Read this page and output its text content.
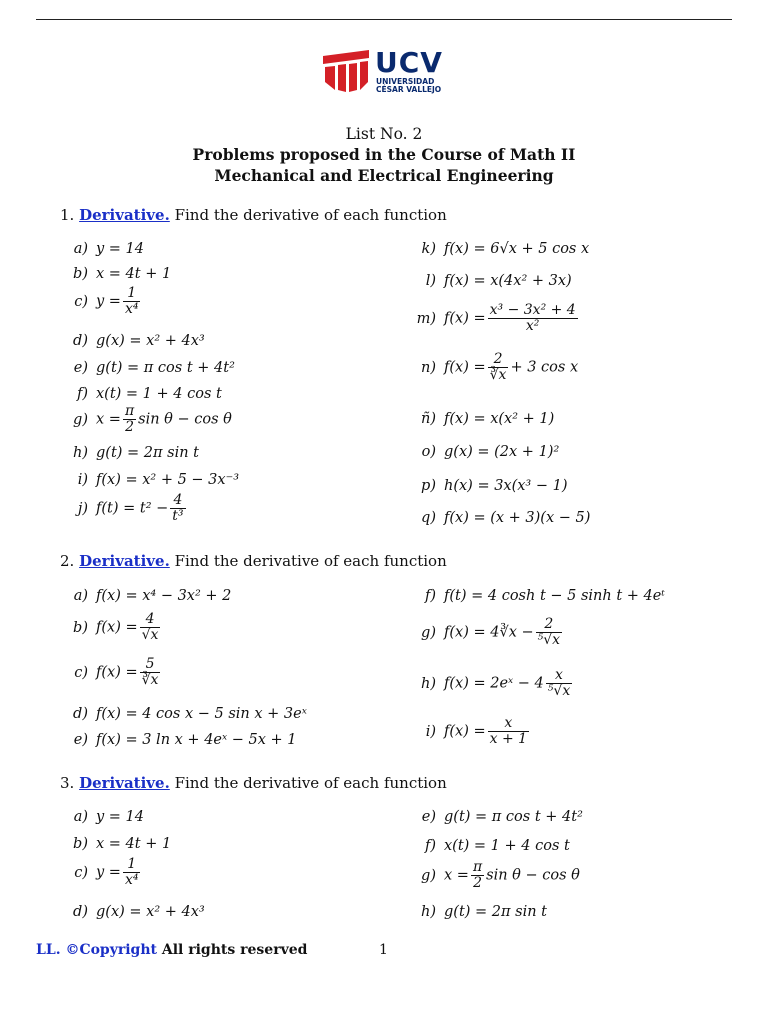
UCV
UNIVERSIDAD
CÉSAR VALLEJO
List No. 2
Problems proposed in the Course of Math II
Mechanical and Electrical Engineering
1. Derivative. Find the derivative of each function
a) y = 14
b) x = 4t + 1
c) $y = \frac{1}{\text{x⁴}}$
d) g(x) = x² + 4x³
e) g(t) = π cos t + 4t²
f) x(t) = 1 + 4 cos t
g) $x = \frac{\pi}{2}$ sin θ − cos θ
h) g(t) = 2π sin t
i) f(x) = x² + 5 − 3x⁻³
j) $f(t) = t^2 - \frac{4}{\text{t³}}$
k) f(x) = 6√x + 5 cos x
l) f(x) = x(4x² + 3x)
m) $f(x) = \frac{\text{x³ − 3x² + 4}}{\text{x²}}$
n) $f(x) = \frac{2}{∛x} + 3$ cos x
ñ) f(x) = x(x² + 1)
o) g(x) = (2x + 1)²
p) h(x) = 3x(x³ − 1)
q) f(x) = (x + 3)(x − 5)
2. Derivative. Find the derivative of each function
a) f(x) = x⁴ − 3x² + 2
b) $f(x) = \frac{4}{√x}$
c) $f(x) = \frac{5}{∛x}$
d) f(x) = 4 cos x − 5 sin x + 3eˣ
e) f(x) = 3 ln x + 4eˣ − 5x + 1
f) f(t) = 4 cosh t − 5 sinh t + 4eᵗ
g) f(x) = 4∛x − $\frac{2}{\text{⁵√x}}$
h) f(x) = 2eˣ − $4 \frac{x}{\text{⁵√x}}$
i) $f(x) = \frac{x}{x + 1}$
3. Derivative. Find the derivative of each function
a) y = 14
b) x = 4t + 1
c) $y = \frac{1}{\text{x⁴}}$
d) g(x) = x² + 4x³
e) g(t) = π cos t + 4t²
f) x(t) = 1 + 4 cos t
g) $x = \frac{\pi}{2}$ sin θ − cos θ
h) g(t) = 2π sin t
LL. ©Copyright All rights reserved	1
